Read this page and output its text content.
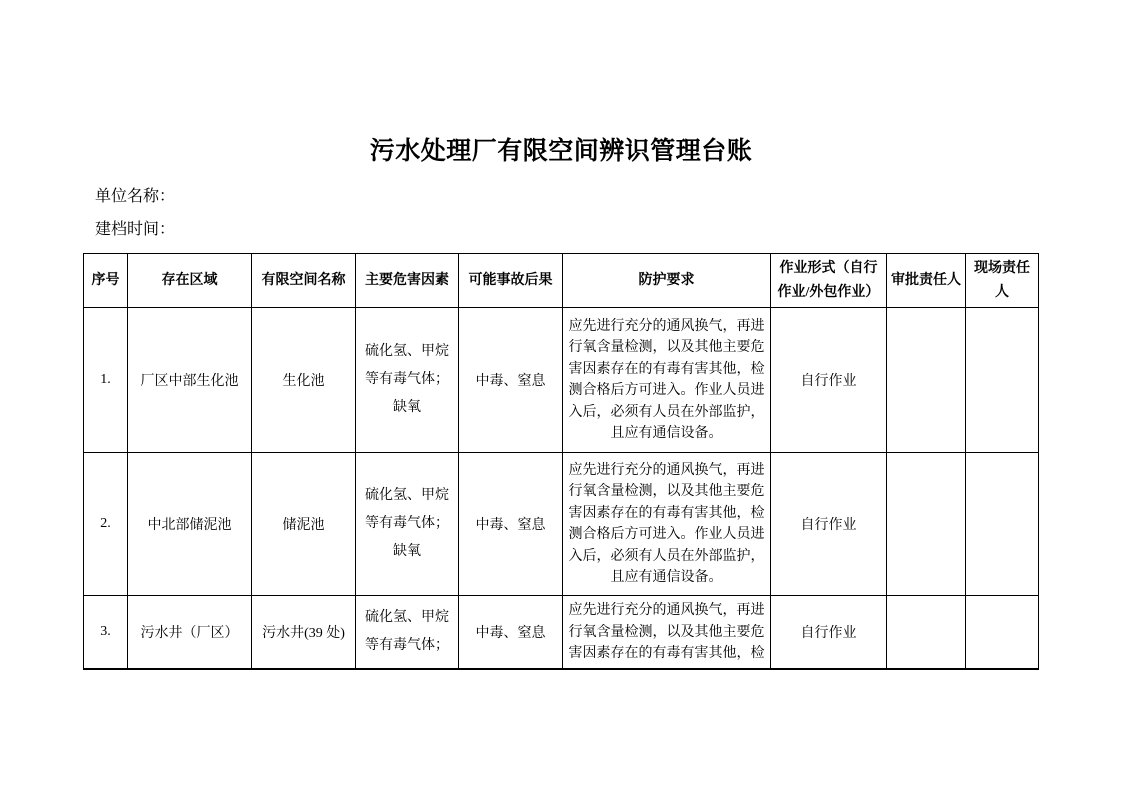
污水处理厂有限空间辨识管理台账
单位名称：
建档时间：
序号	存在区域	有限空间名称	主要危害因素	可能事故后果	防护要求	作业形式（自行作业/外包作业）	审批责任人	现场责任人
1.	厂区中部生化池	生化池	硫化氢、甲烷等有毒气体；缺氧	中毒、窒息	应先进行充分的通风换气，再进行氧含量检测，以及其他主要危害因素存在的有毒有害其他，检测合格后方可进入。作业人员进入后，必须有人员在外部监护，且应有通信设备。	自行作业		
2.	中北部储泥池	储泥池	硫化氢、甲烷等有毒气体；缺氧	中毒、窒息	应先进行充分的通风换气，再进行氧含量检测，以及其他主要危害因素存在的有毒有害其他，检测合格后方可进入。作业人员进入后，必须有人员在外部监护，且应有通信设备。	自行作业		
3.	污水井（厂区）	污水井(39 处)	硫化氢、甲烷等有毒气体；	中毒、窒息	应先进行充分的通风换气，再进行氧含量检测，以及其他主要危害因素存在的有毒有害其他，检	自行作业		
